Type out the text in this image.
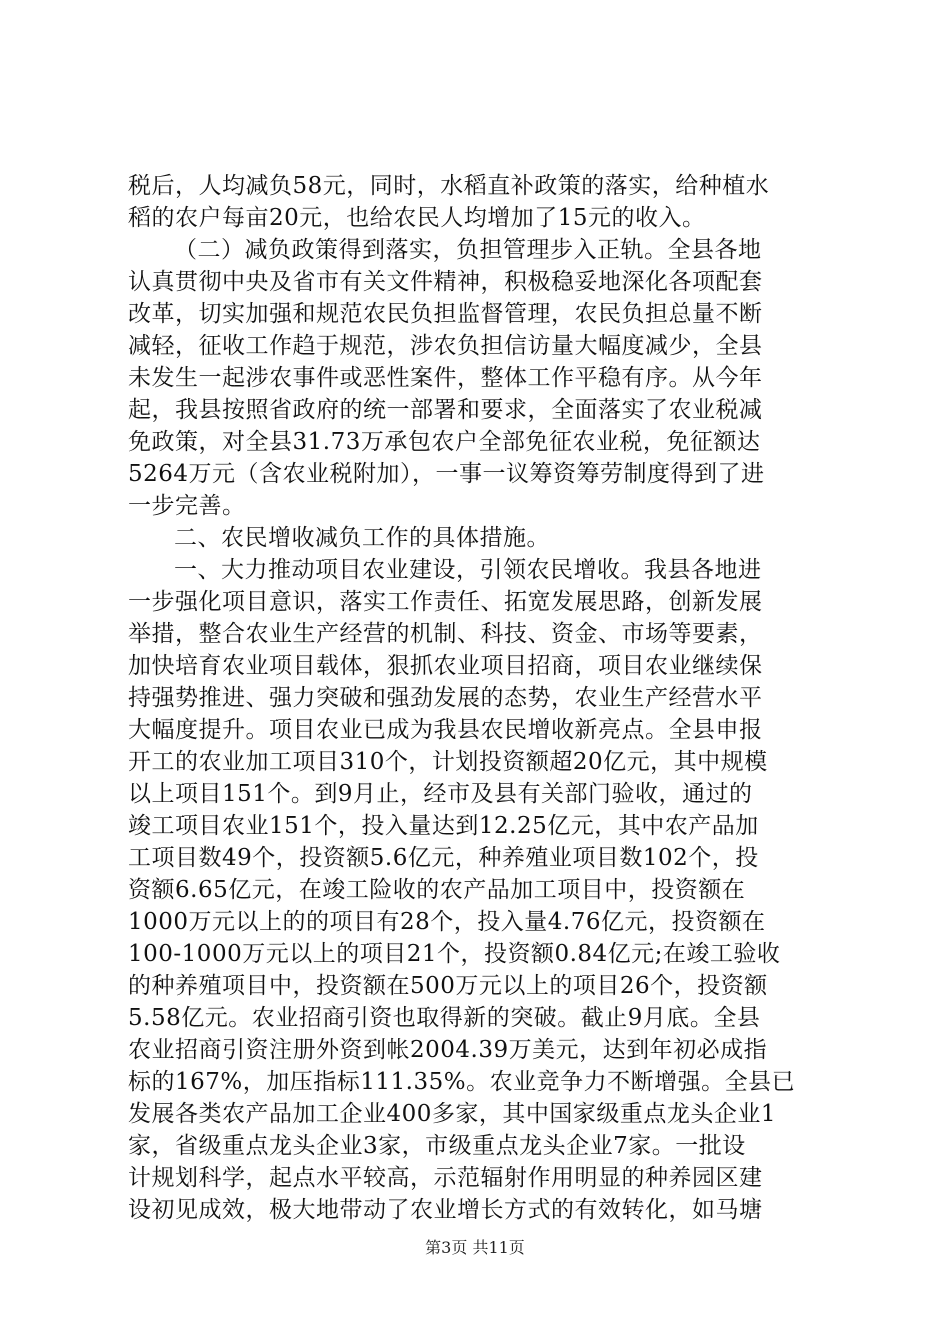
税后，人均减负58元，同时，水稻直补政策的落实，给种植水
稻的农户每亩20元，也给农民人均增加了15元的收入。
（二）减负政策得到落实，负担管理步入正轨。全县各地
认真贯彻中央及省市有关文件精神，积极稳妥地深化各项配套
改革，切实加强和规范农民负担监督管理，农民负担总量不断
减轻，征收工作趋于规范，涉农负担信访量大幅度减少，全县
未发生一起涉农事件或恶性案件，整体工作平稳有序。从今年
起，我县按照省政府的统一部署和要求，全面落实了农业税减
免政策，对全县31.73万承包农户全部免征农业税，免征额达
5264万元（含农业税附加），一事一议筹资筹劳制度得到了进
一步完善。
二、农民增收减负工作的具体措施。
一、大力推动项目农业建设，引领农民增收。我县各地进
一步强化项目意识，落实工作责任、拓宽发展思路，创新发展
举措，整合农业生产经营的机制、科技、资金、市场等要素，
加快培育农业项目载体，狠抓农业项目招商，项目农业继续保
持强势推进、强力突破和强劲发展的态势，农业生产经营水平
大幅度提升。项目农业已成为我县农民增收新亮点。全县申报
开工的农业加工项目310个，计划投资额超20亿元，其中规模
以上项目151个。到9月止，经市及县有关部门验收，通过的
竣工项目农业151个，投入量达到12.25亿元，其中农产品加
工项目数49个，投资额5.6亿元，种养殖业项目数102个，投
资额6.65亿元，在竣工险收的农产品加工项目中，投资额在
1000万元以上的的项目有28个，投入量4.76亿元，投资额在
100-1000万元以上的项目21个，投资额0.84亿元;在竣工验收
的种养殖项目中，投资额在500万元以上的项目26个，投资额
5.58亿元。农业招商引资也取得新的突破。截止9月底。全县
农业招商引资注册外资到帐2004.39万美元，达到年初必成指
标的167%，加压指标111.35%。农业竞争力不断增强。全县已
发展各类农产品加工企业400多家，其中国家级重点龙头企业1
家，省级重点龙头企业3家，市级重点龙头企业7家。一批设
计规划科学，起点水平较高，示范辐射作用明显的种养园区建
设初见成效，极大地带动了农业增长方式的有效转化，如马塘
第3页 共11页
